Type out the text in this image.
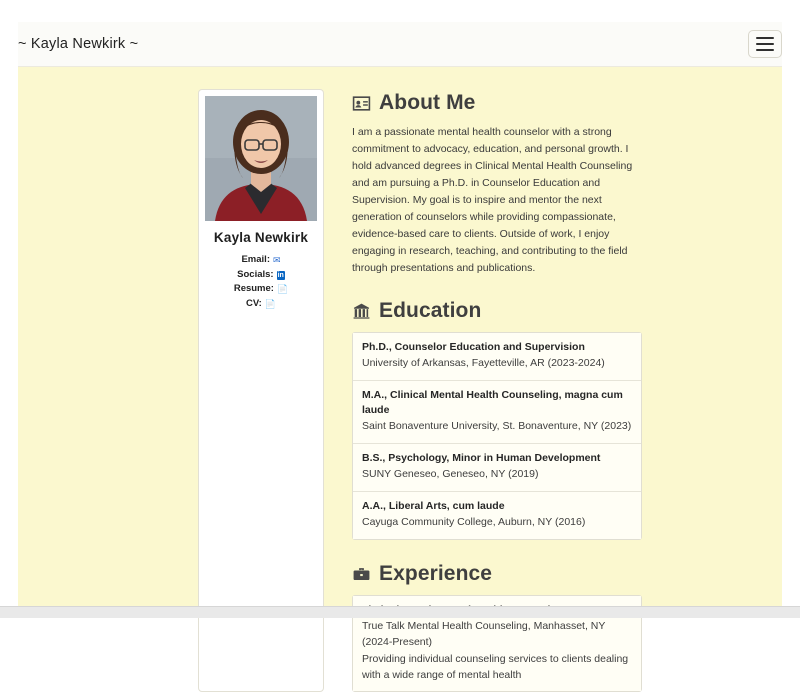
~ Kayla Newkirk ~
Kayla Newkirk
Email: ✉
Socials: in
Resume: 📄
CV: 📄
About Me

I am a passionate mental health counselor with a strong commitment to advocacy, education, and personal growth. I hold advanced degrees in Clinical Mental Health Counseling and am pursuing a Ph.D. in Counselor Education and Supervision. My goal is to inspire and mentor the next generation of counselors while providing compassionate, evidence-based care to clients. Outside of work, I enjoy engaging in research, teaching, and contributing to the field through presentations and publications.

Education
Ph.D., Counselor Education and Supervision
University of Arkansas, Fayetteville, AR (2023-2024)
M.A., Clinical Mental Health Counseling, magna cum laude
Saint Bonaventure University, St. Bonaventure, NY (2023)
B.S., Psychology, Minor in Human Development
SUNY Geneseo, Geneseo, NY (2019)
A.A., Liberal Arts, cum laude
Cayuga Community College, Auburn, NY (2016)
Experience
True Talk Mental Health Counseling, Manhasset, NY (2024-Present)
Providing individual counseling services to clients dealing with a wide range of mental health
